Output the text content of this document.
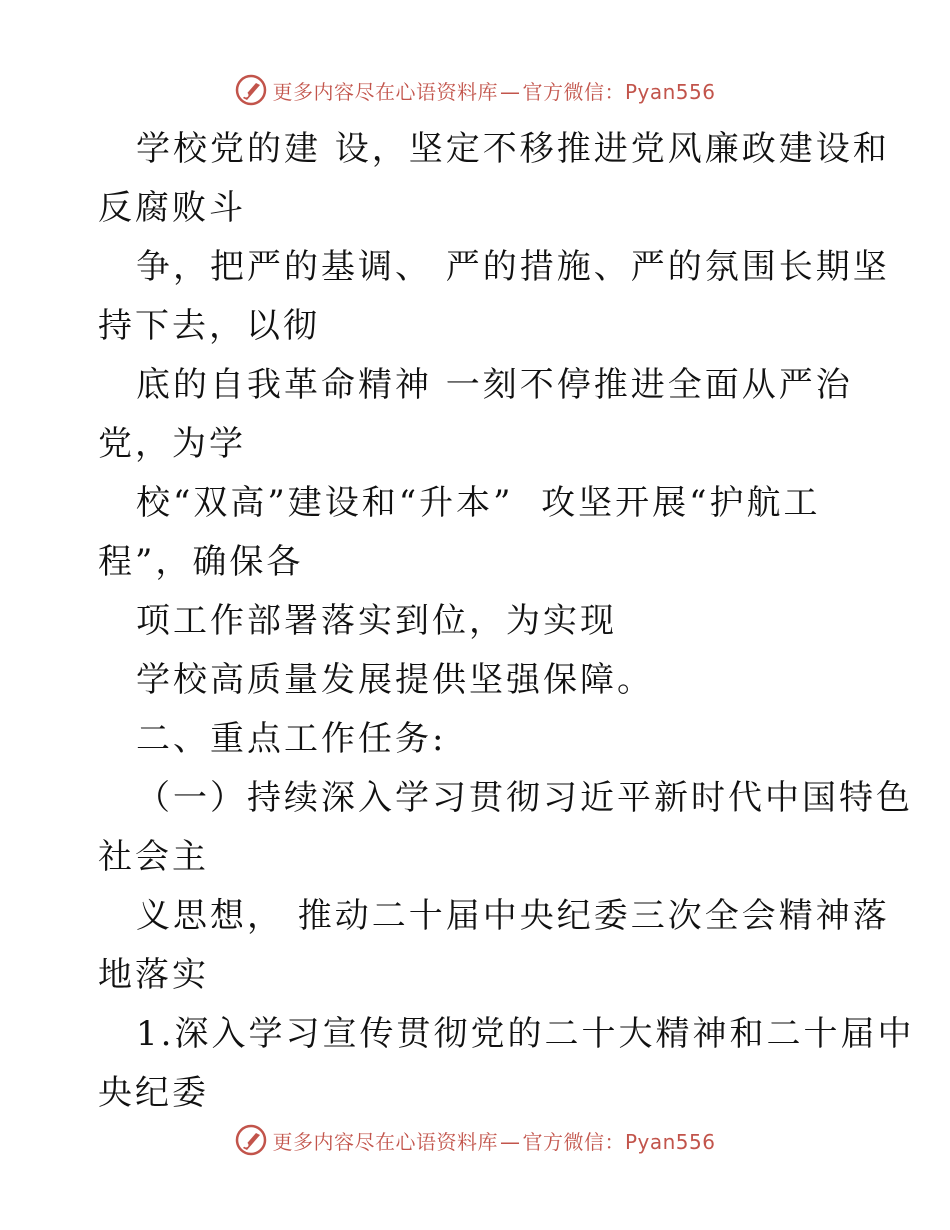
更多内容尽在心语资料库 — 官方微信：Pyan556
学校党的建 设，坚定不移推进党风廉政建设和
反腐败斗
争，把严的基调、 严的措施、严的氛围长期坚
持下去，以彻
底的自我革命精神 一刻不停推进全面从严治
党，为学
校“双高”建设和“升本”  攻坚开展“护航工
程”，确保各
项工作部署落实到位，为实现
学校高质量发展提供坚强保障。
二、重点工作任务:
（一）持续深入学习贯彻习近平新时代中国特色
社会主
义思想， 推动二十届中央纪委三次全会精神落
地落实
1.深入学习宣传贯彻党的二十大精神和二十届中
央纪委
更多内容尽在心语资料库 — 官方微信：Pyan556
